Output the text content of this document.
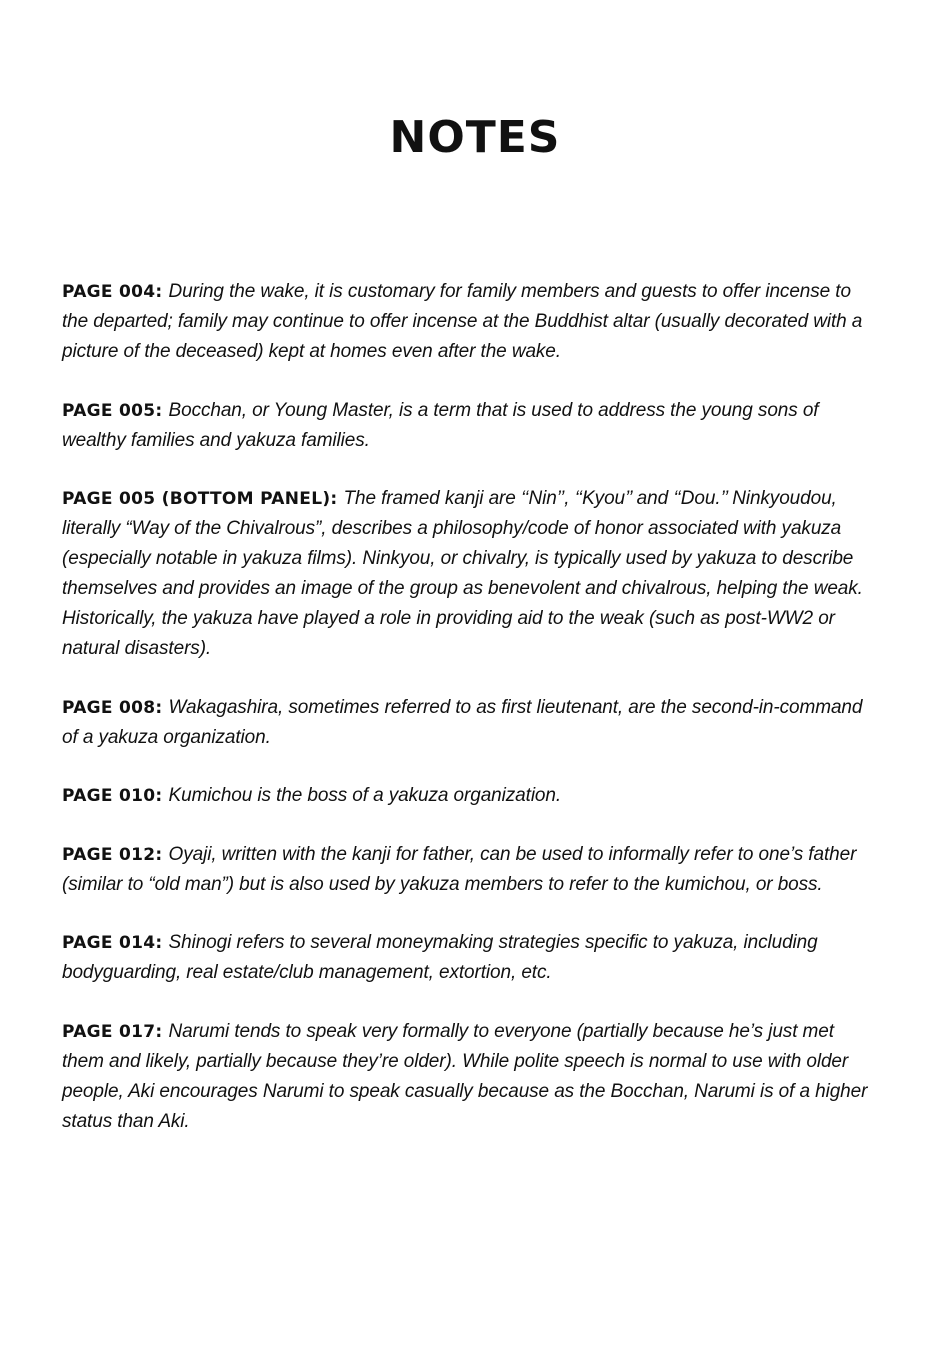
NOTES

PAGE 004: During the wake, it is customary for family members and guests to offer incense to the departed; family may continue to offer incense at the Buddhist altar (usually decorated with a picture of the deceased) kept at homes even after the wake.

PAGE 005: Bocchan, or Young Master, is a term that is used to address the young sons of wealthy families and yakuza families.

PAGE 005 (BOTTOM PANEL): The framed kanji are ‘‘Nin’’, ‘‘Kyou’’ and ‘‘Dou.’’ Ninkyoudou, literally “Way of the Chivalrous”, describes a philosophy/code of honor associated with yakuza (especially notable in yakuza films). Ninkyou, or chivalry, is typically used by yakuza to describe themselves and provides an image of the group as benevolent and chivalrous, helping the weak. Historically, the yakuza have played a role in providing aid to the weak (such as post-WW2 or natural disasters).

PAGE 008: Wakagashira, sometimes referred to as first lieutenant, are the second-in-command of a yakuza organization.

PAGE 010: Kumichou is the boss of a yakuza organization.

PAGE 012: Oyaji, written with the kanji for father, can be used to informally refer to one’s father (similar to “old man”) but is also used by yakuza members to refer to the kumichou, or boss.

PAGE 014: Shinogi refers to several moneymaking strategies specific to yakuza, including bodyguarding, real estate/club management, extortion, etc.

PAGE 017: Narumi tends to speak very formally to everyone (partially because he’s just met them and likely, partially because they’re older). While polite speech is normal to use with older people, Aki encourages Narumi to speak casually because as the Bocchan, Narumi is of a higher status than Aki.
